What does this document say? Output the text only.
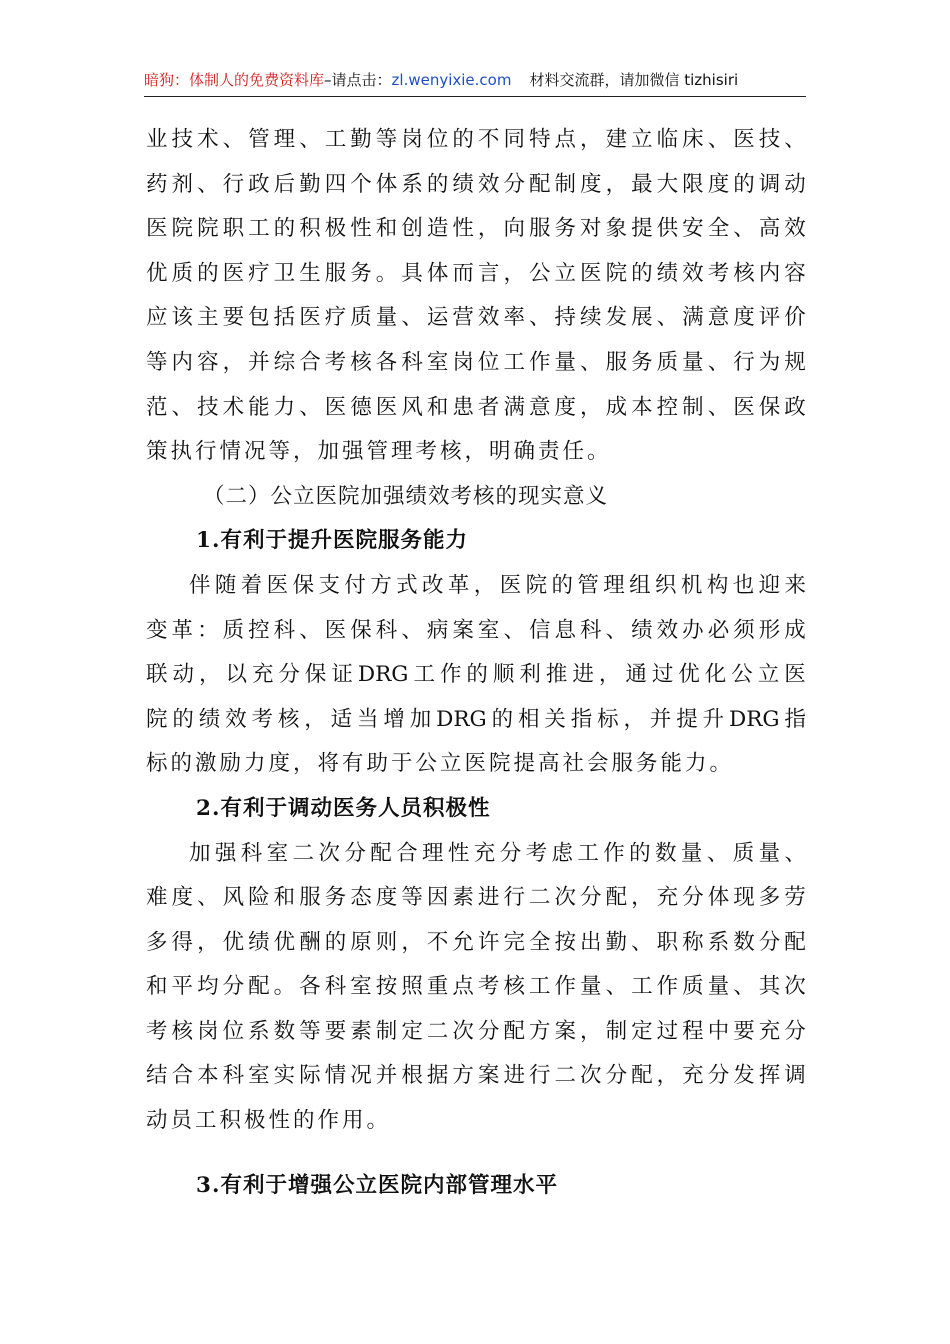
暗狗：体制人的免费资料库–请点击：zl.wenyixie.com 材料交流群，请加微信 tizhisiri
业 技 术 、 管 理 、 工 勤 等 岗 位 的 不 同 特 点 ， 建 立 临 床 、 医 技 、
药 剂 、 行 政 后 勤 四 个 体 系 的 绩 效 分 配 制 度 ， 最 大 限 度 的 调 动
医 院 院 职 工 的 积 极 性 和 创 造 性 ， 向 服 务 对 象 提 供 安 全 、 高 效
优 质 的 医 疗 卫 生 服 务 。 具 体 而 言 ， 公 立 医 院 的 绩 效 考 核 内 容
应 该 主 要 包 括 医 疗 质 量 、 运 营 效 率 、 持 续 发 展 、 满 意 度 评 价
等 内 容 ， 并 综 合 考 核 各 科 室 岗 位 工 作 量 、 服 务 质 量 、 行 为 规
范 、 技 术 能 力 、 医 德 医 风 和 患 者 满 意 度 ， 成 本 控 制 、 医 保 政
策执行情况等，加强管理考核，明确责任。
（二）公立医院加强绩效考核的现实意义
1.有利于提升医院服务能力
伴 随 着 医 保 支 付 方 式 改 革 ， 医 院 的 管 理 组 织 机 构 也 迎 来
变 革 ： 质 控 科 、 医 保 科 、 病 案 室 、 信 息 科 、 绩 效 办 必 须 形 成
联 动 ， 以 充 分 保 证 DRG 工 作 的 顺 利 推 进 ， 通 过 优 化 公 立 医
院 的 绩 效 考 核 ， 适 当 增 加 DRG 的 相 关 指 标 ， 并 提 升 DRG 指
标的激励力度，将有助于公立医院提高社会服务能力。
2.有利于调动医务人员积极性
加 强 科 室 二 次 分 配 合 理 性 充 分 考 虑 工 作 的 数 量 、 质 量 、
难 度 、 风 险 和 服 务 态 度 等 因 素 进 行 二 次 分 配 ， 充 分 体 现 多 劳
多 得 ， 优 绩 优 酬 的 原 则 ， 不 允 许 完 全 按 出 勤 、 职 称 系 数 分 配
和 平 均 分 配 。 各 科 室 按 照 重 点 考 核 工 作 量 、 工 作 质 量 、 其 次
考 核 岗 位 系 数 等 要 素 制 定 二 次 分 配 方 案 ， 制 定 过 程 中 要 充 分
结 合 本 科 室 实 际 情 况 并 根 据 方 案 进 行 二 次 分 配 ， 充 分 发 挥 调
动员工积极性的作用。
3.有利于增强公立医院内部管理水平
